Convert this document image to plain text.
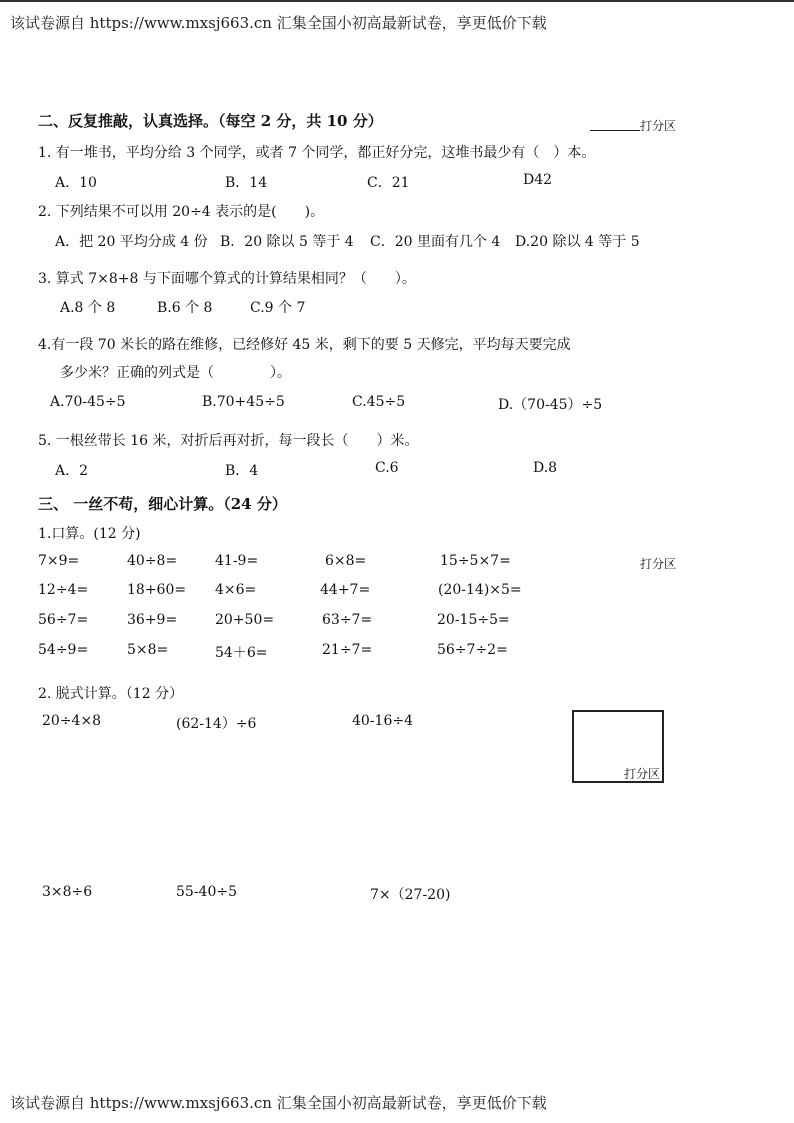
该试卷源自 https://www.mxsj663.cn 汇集全国小初高最新试卷，享更低价下载
二、反复推敲，认真选择。（每空 2 分，共 10 分）	打分区
1. 有一堆书，平均分给 3 个同学，或者 7 个同学，都正好分完，这堆书最少有（　）本。
A．10	B．14	C．21	D42
2. 下列结果不可以用 20÷4 表示的是(　　)。
A．把 20 平均分成 4 份 B．20 除以 5 等于 4 C．20 里面有几个 4 D.20 除以 4 等于 5
3. 算式 7×8+8 与下面哪个算式的计算结果相同？（　　）。
A.8 个 8	B.6 个 8	C.9 个 7
4.有一段 70 米长的路在维修，已经修好 45 米，剩下的要 5 天修完，平均每天要完成
多少米？正确的列式是（　　　　）。
A.70-45÷5	B.70+45÷5	C.45÷5	D.（70-45）÷5
5. 一根丝带长 16 米，对折后再对折，每一段长（　　）米。
A．2	B．4	C.6	D.8
三、 一丝不苟，细心计算。（24 分）
1.口算。(12 分)
打分区
7×9=	40÷8=	41-9=	6×8=	15÷5×7=
12÷4=	18+60= 4×6=	44+7=	(20-14)×5=
56÷7=	36+9=	20+50=	63÷7=	20-15÷5=
54÷9=	5×8=	54＋6=	21÷7=	56÷7÷2=
2. 脱式计算。（12 分）
20÷4×8	(62-14）÷6	40-16÷4
打分区
3×8÷6	55-40÷5	7×（27-20)
该试卷源自 https://www.mxsj663.cn 汇集全国小初高最新试卷，享更低价下载
